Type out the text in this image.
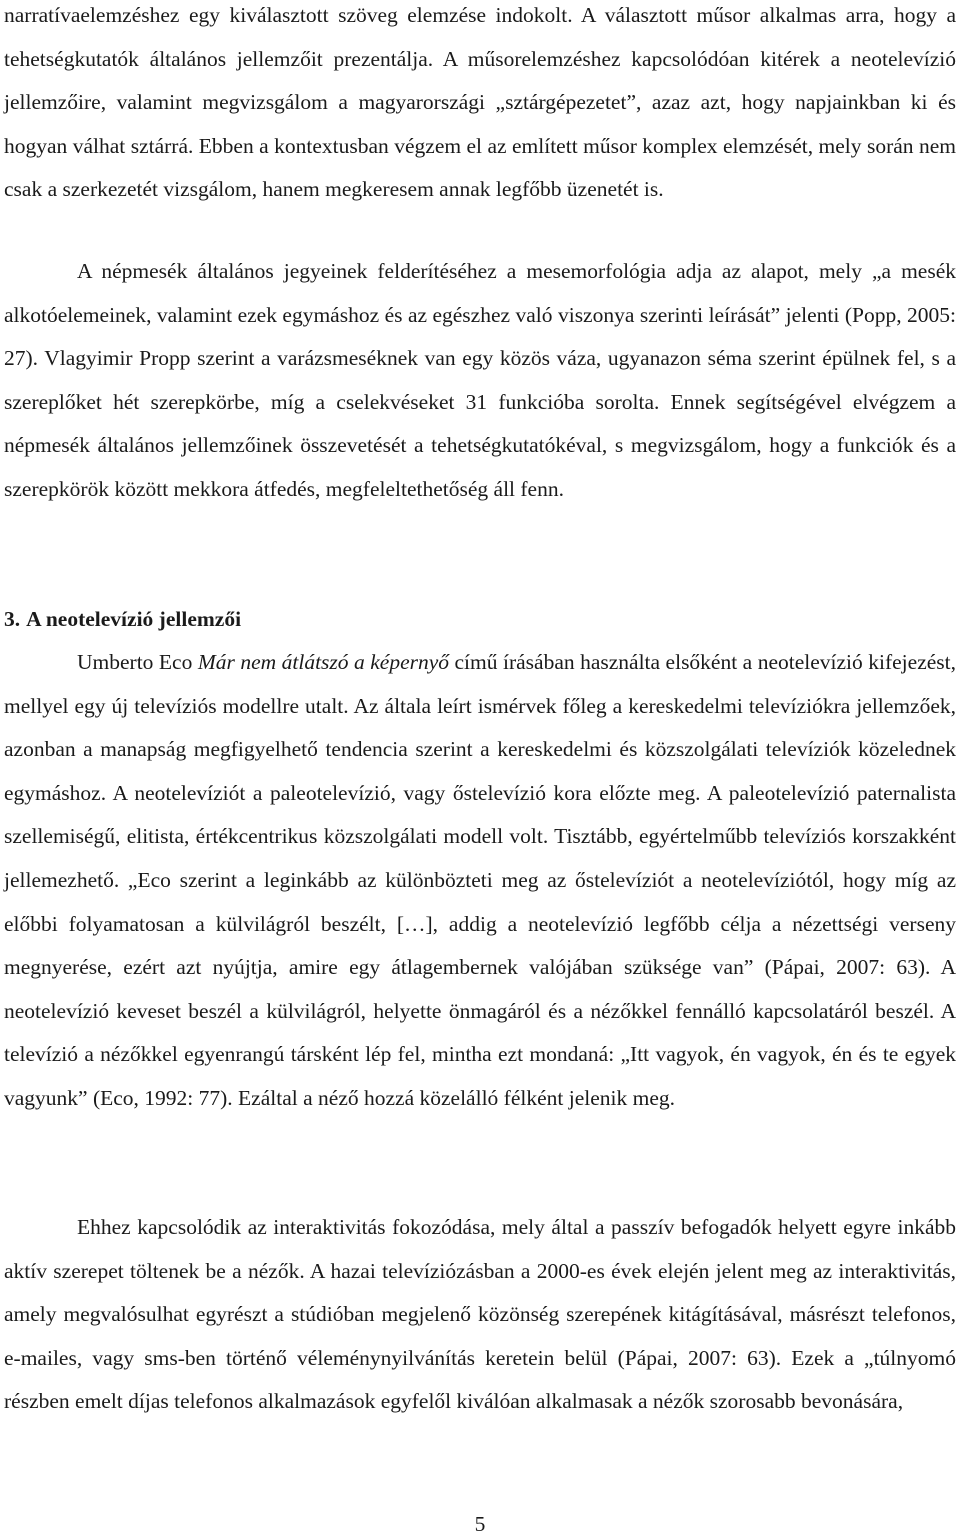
narratívaelemzéshez egy kiválasztott szöveg elemzése indokolt. A választott műsor alkalmas arra, hogy a tehetségkutatók általános jellemzőit prezentálja. A műsorelemzéshez kapcsolódóan kitérek a neotelevízió jellemzőire, valamint megvizsgálom a magyarországi „sztárgépezetet”, azaz azt, hogy napjainkban ki és hogyan válhat sztárrá. Ebben a kontextusban végzem el az említett műsor komplex elemzését, mely során nem csak a szerkezetét vizsgálom, hanem megkeresem annak legfőbb üzenetét is.

A népmesék általános jegyeinek felderítéséhez a mesemorfológia adja az alapot, mely „a mesék alkotóelemeinek, valamint ezek egymáshoz és az egészhez való viszonya szerinti leírását” jelenti (Popp, 2005: 27). Vlagyimir Propp szerint a varázsmeséknek van egy közös váza, ugyanazon séma szerint épülnek fel, s a szereplőket hét szerepkörbe, míg a cselekvéseket 31 funkcióba sorolta. Ennek segítségével elvégzem a népmesék általános jellemzőinek összevetését a tehetségkutatókéval, s megvizsgálom, hogy a funkciók és a szerepkörök között mekkora átfedés, megfeleltethetőség áll fenn.

3. A neotelevízió jellemzői

Umberto Eco Már nem átlátszó a képernyő című írásában használta elsőként a neotelevízió kifejezést, mellyel egy új televíziós modellre utalt. Az általa leírt ismérvek főleg a kereskedelmi televíziókra jellemzőek, azonban a manapság megfigyelhető tendencia szerint a kereskedelmi és közszolgálati televíziók közelednek egymáshoz. A neotelevíziót a paleotelevízió, vagy őstelevízió kora előzte meg. A paleotelevízió paternalista szellemiségű, elitista, értékcentrikus közszolgálati modell volt. Tisztább, egyértelműbb televíziós korszakként jellemezhető. „Eco szerint a leginkább az különbözteti meg az őstelevíziót a neotelevíziótól, hogy míg az előbbi folyamatosan a külvilágról beszélt, […], addig a neotelevízió legfőbb célja a nézettségi verseny megnyerése, ezért azt nyújtja, amire egy átlagembernek valójában szüksége van” (Pápai, 2007: 63). A neotelevízió keveset beszél a külvilágról, helyette önmagáról és a nézőkkel fennálló kapcsolatáról beszél. A televízió a nézőkkel egyenrangú társként lép fel, mintha ezt mondaná: „Itt vagyok, én vagyok, én és te egyek vagyunk” (Eco, 1992: 77). Ezáltal a néző hozzá közelálló félként jelenik meg.

Ehhez kapcsolódik az interaktivitás fokozódása, mely által a passzív befogadók helyett egyre inkább aktív szerepet töltenek be a nézők. A hazai televíziózásban a 2000-es évek elején jelent meg az interaktivitás, amely megvalósulhat egyrészt a stúdióban megjelenő közönség szerepének kitágításával, másrészt telefonos, e-mailes, vagy sms-ben történő véleménynyilvánítás keretein belül (Pápai, 2007: 63). Ezek a „túlnyomó részben emelt díjas telefonos alkalmazások egyfelől kiválóan alkalmasak a nézők szorosabb bevonására,

5
